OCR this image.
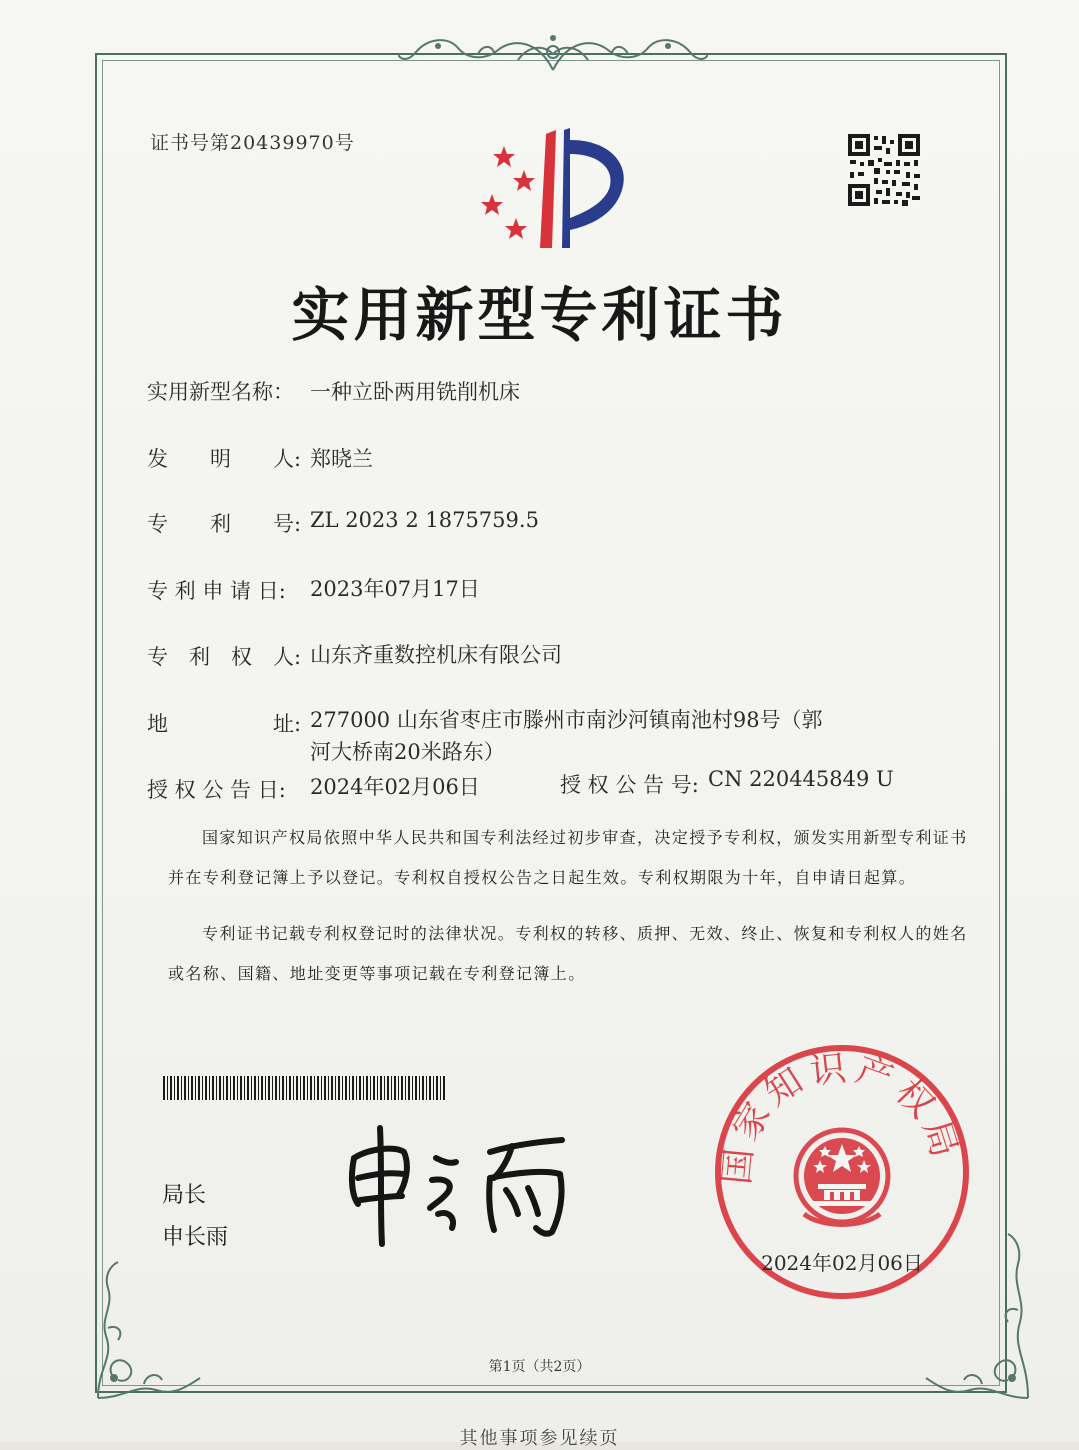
证书号第20439970号
实用新型专利证书
实用新型名称： 一种立卧两用铣削机床
发　　明　　人: 郑晓兰
专　　利　　号: ZL 2023 2 1875759.5
专 利 申 请 日: 2023年07月17日
专　利　权　人: 山东齐重数控机床有限公司
地　　　　　址: 277000 山东省枣庄市滕州市南沙河镇南池村98号（郭
河大桥南20米路东）
授 权 公 告 日: 2024年02月06日	授 权 公 告 号: CN 220445849 U
国家知识产权局依照中华人民共和国专利法经过初步审查，决定授予专利权，颁发实用新型专利证书并在专利登记簿上予以登记。专利权自授权公告之日起生效。专利权期限为十年，自申请日起算。
专利证书记载专利权登记时的法律状况。专利权的转移、质押、无效、终止、恢复和专利权人的姓名或名称、国籍、地址变更等事项记载在专利登记簿上。
局长
申长雨
国家知识产权局
2024年02月06日
第1页（共2页）
其他事项参见续页
